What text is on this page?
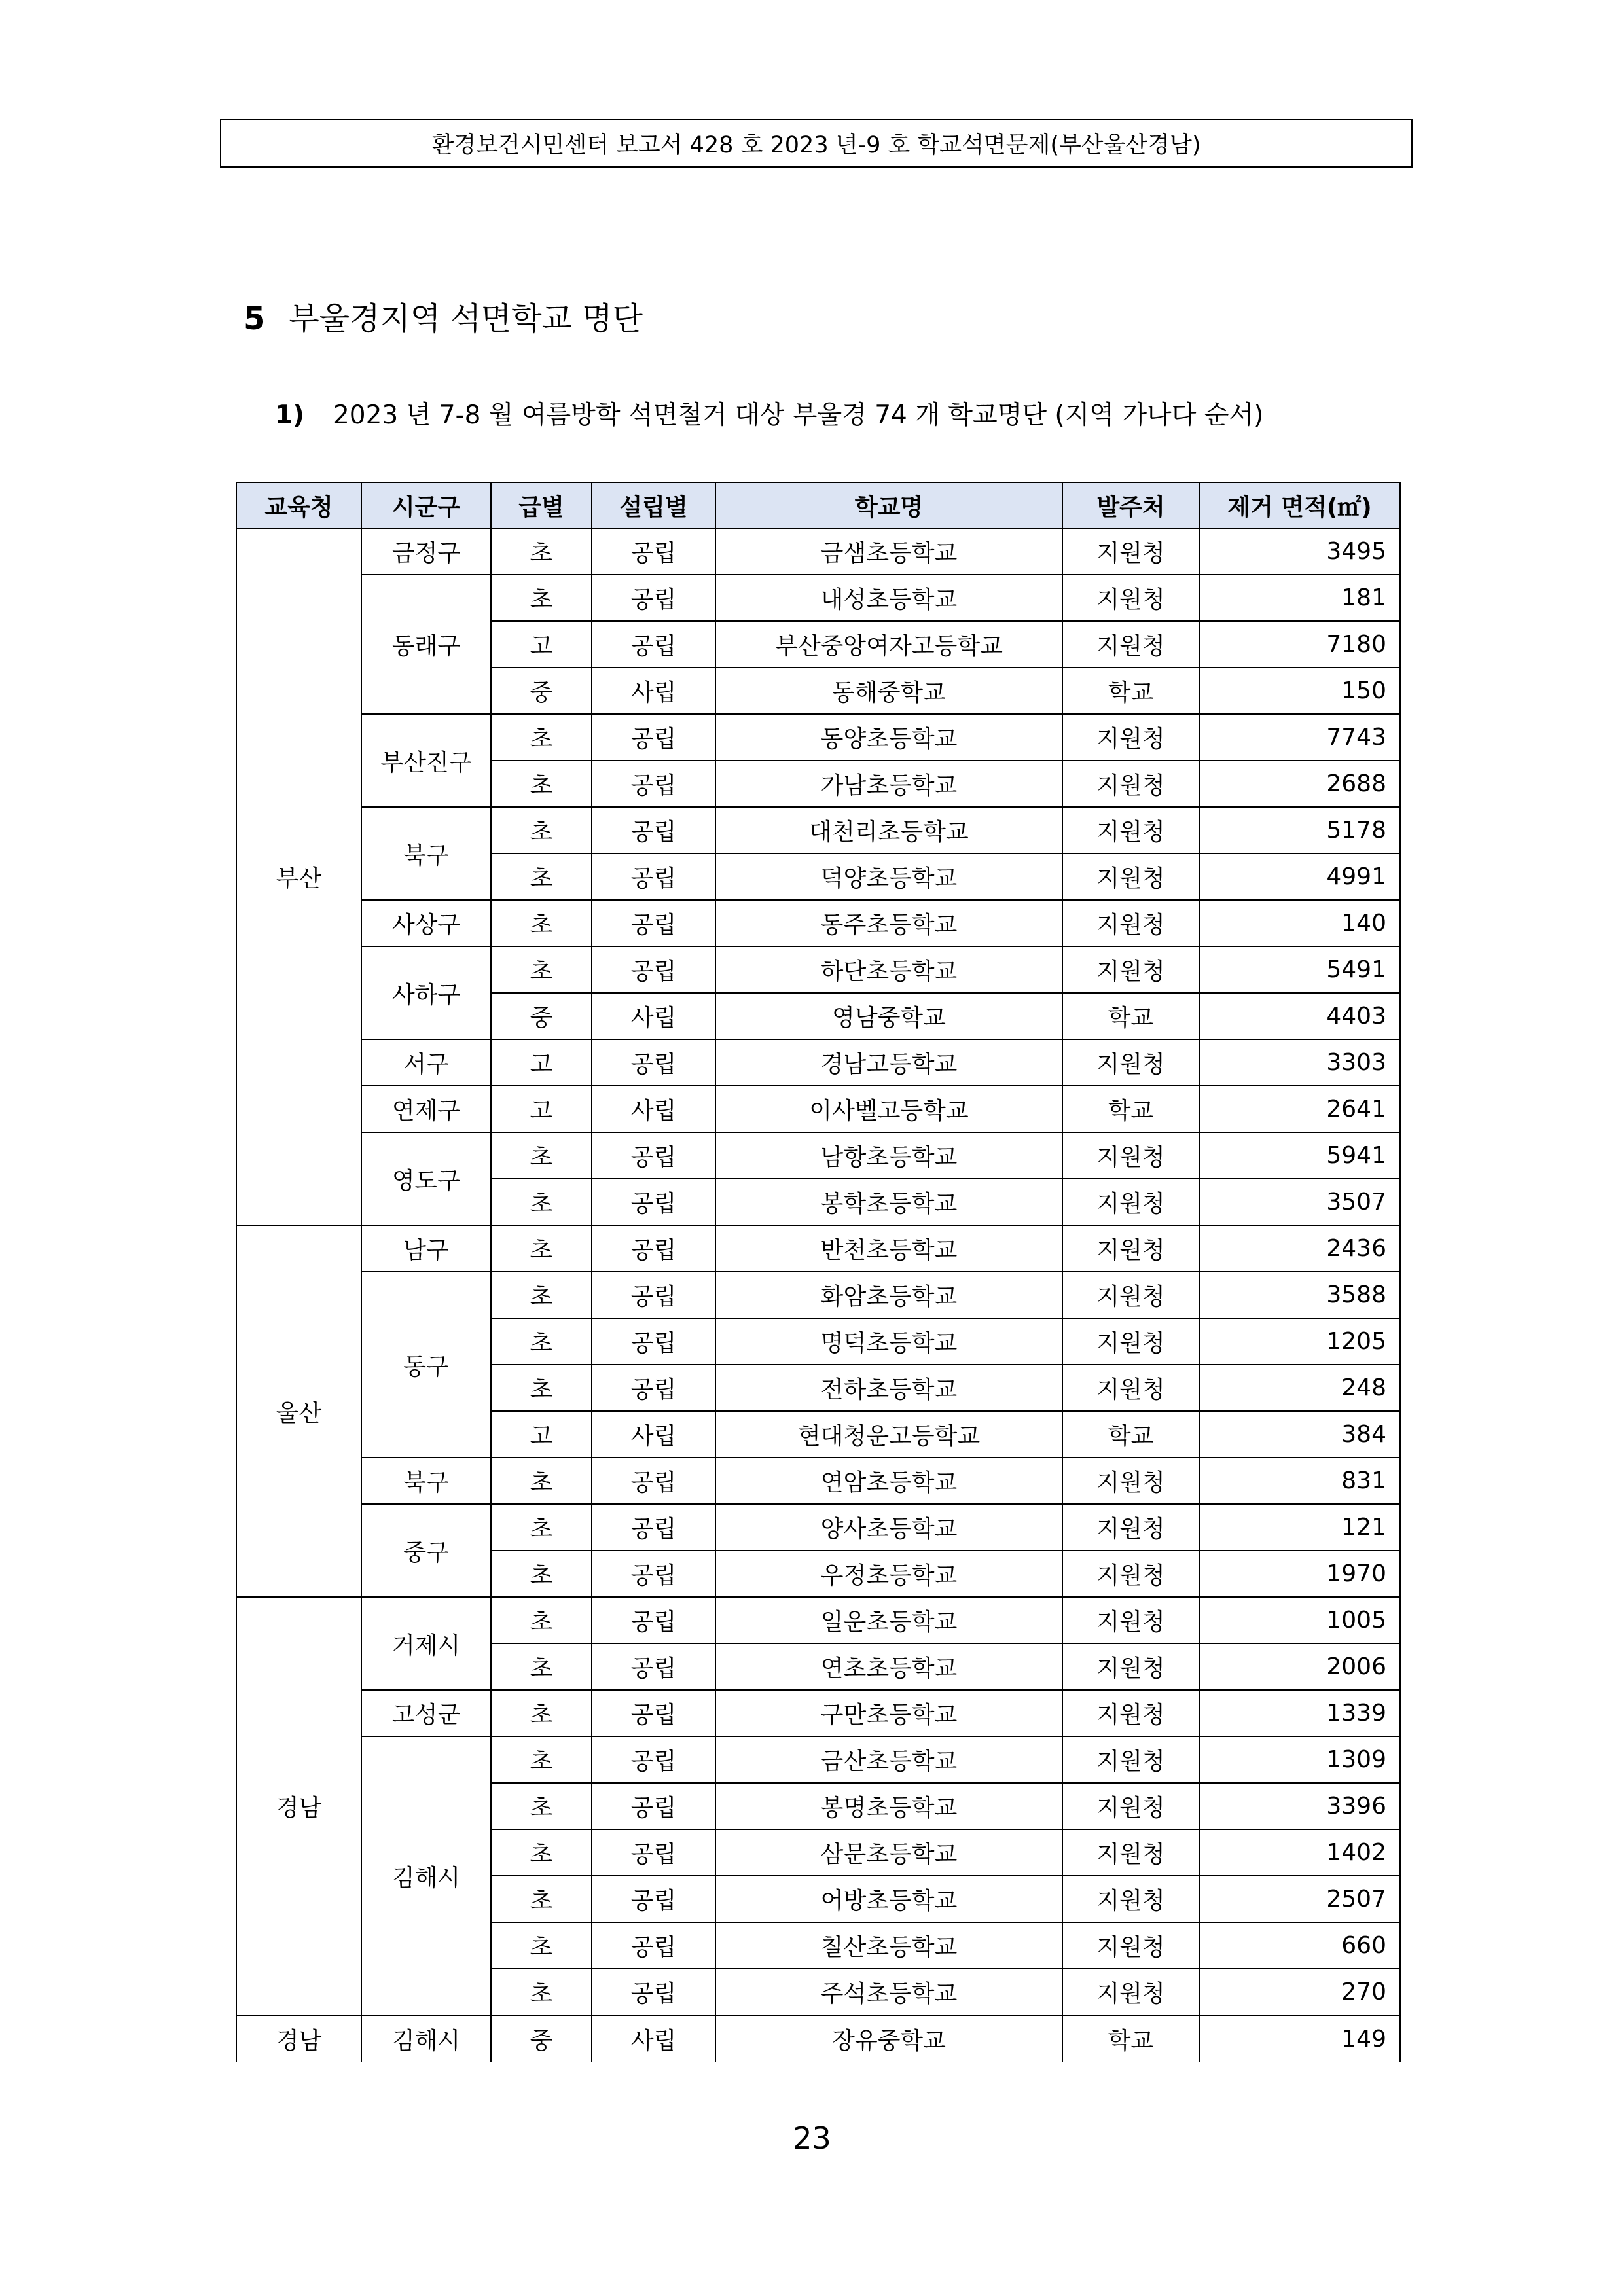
환경보건시민센터 보고서 428 호 2023 년-9 호 학교석면문제(부산울산경남)
5 부울경지역 석면학교 명단
1) 2023 년 7-8 월 여름방학 석면철거 대상 부울경 74 개 학교명단 (지역 가나다 순서)
교육청	시군구	급별	설립별	학교명	발주처	제거 면적(㎡)
부산	금정구	초	공립	금샘초등학교	지원청	3495
	동래구	초	공립	내성초등학교	지원청	181
		고	공립	부산중앙여자고등학교	지원청	7180
		중	사립	동해중학교	학교	150
	부산진구	초	공립	동양초등학교	지원청	7743
		초	공립	가남초등학교	지원청	2688
	북구	초	공립	대천리초등학교	지원청	5178
		초	공립	덕양초등학교	지원청	4991
	사상구	초	공립	동주초등학교	지원청	140
	사하구	초	공립	하단초등학교	지원청	5491
		중	사립	영남중학교	학교	4403
	서구	고	공립	경남고등학교	지원청	3303
	연제구	고	사립	이사벨고등학교	학교	2641
	영도구	초	공립	남항초등학교	지원청	5941
		초	공립	봉학초등학교	지원청	3507
울산	남구	초	공립	반천초등학교	지원청	2436
	동구	초	공립	화암초등학교	지원청	3588
		초	공립	명덕초등학교	지원청	1205
		초	공립	전하초등학교	지원청	248
		고	사립	현대청운고등학교	학교	384
	북구	초	공립	연암초등학교	지원청	831
	중구	초	공립	양사초등학교	지원청	121
		초	공립	우정초등학교	지원청	1970
경남	거제시	초	공립	일운초등학교	지원청	1005
		초	공립	연초초등학교	지원청	2006
	고성군	초	공립	구만초등학교	지원청	1339
	김해시	초	공립	금산초등학교	지원청	1309
		초	공립	봉명초등학교	지원청	3396
		초	공립	삼문초등학교	지원청	1402
		초	공립	어방초등학교	지원청	2507
		초	공립	칠산초등학교	지원청	660
		초	공립	주석초등학교	지원청	270
경남	김해시	중	사립	장유중학교	학교	149
23
